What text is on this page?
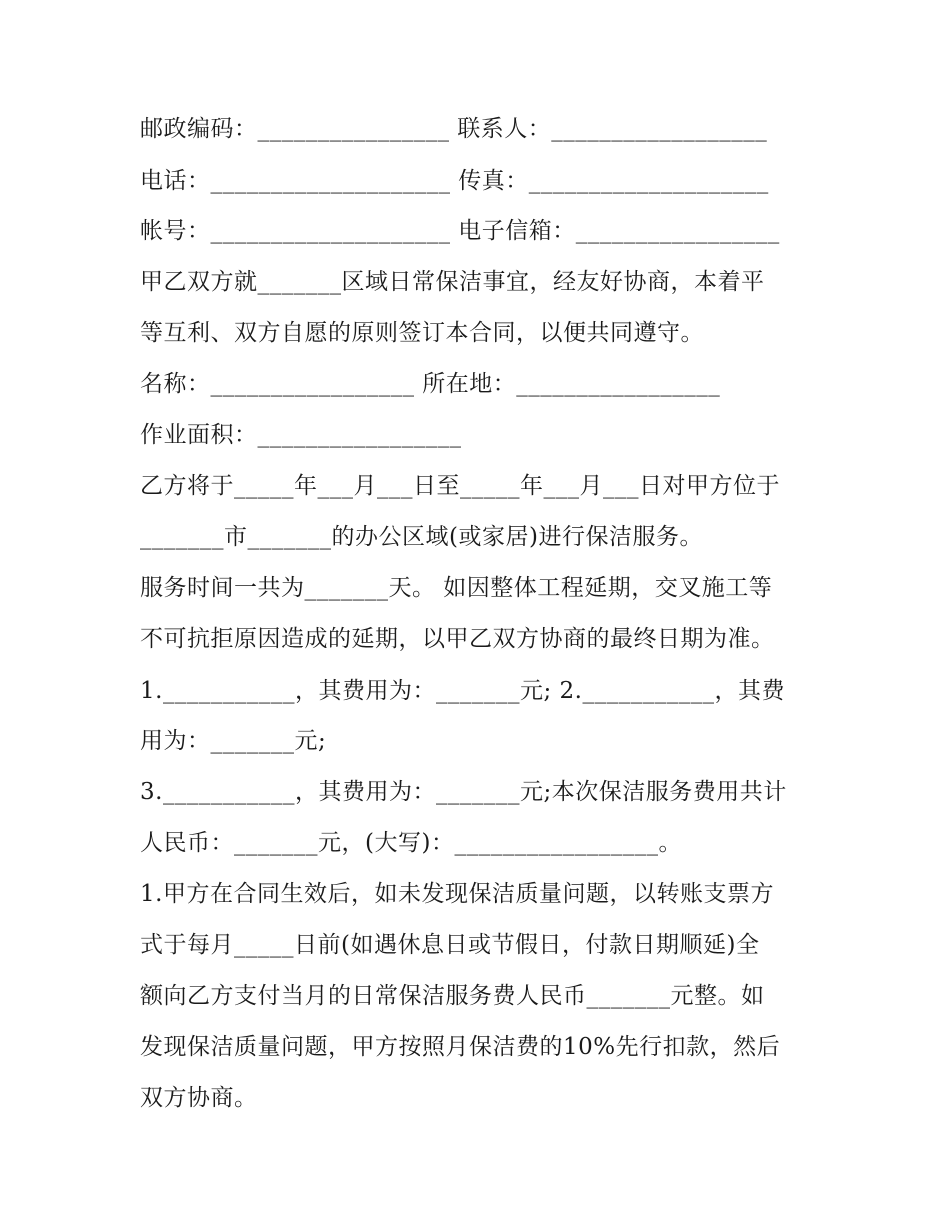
邮政编码：________________ 联系人：__________________
电话：____________________ 传真：____________________
帐号：____________________ 电子信箱：_________________
甲乙双方就_______区域日常保洁事宜，经友好协商，本着平
等互利、双方自愿的原则签订本合同，以便共同遵守。
名称：_________________ 所在地：_________________
作业面积：_________________
乙方将于_____年___月___日至_____年___月___日对甲方位于
_______市_______的办公区域(或家居)进行保洁服务。
服务时间一共为_______天。 如因整体工程延期，交叉施工等
不可抗拒原因造成的延期，以甲乙双方协商的最终日期为准。
1.___________，其费用为：_______元; 2.___________，其费
用为：_______元;
3.___________，其费用为：_______元;本次保洁服务费用共计
人民币：_______元，(大写)：_________________。
1.甲方在合同生效后，如未发现保洁质量问题，以转账支票方
式于每月_____日前(如遇休息日或节假日，付款日期顺延)全
额向乙方支付当月的日常保洁服务费人民币_______元整。如
发现保洁质量问题，甲方按照月保洁费的10%先行扣款，然后
双方协商。
